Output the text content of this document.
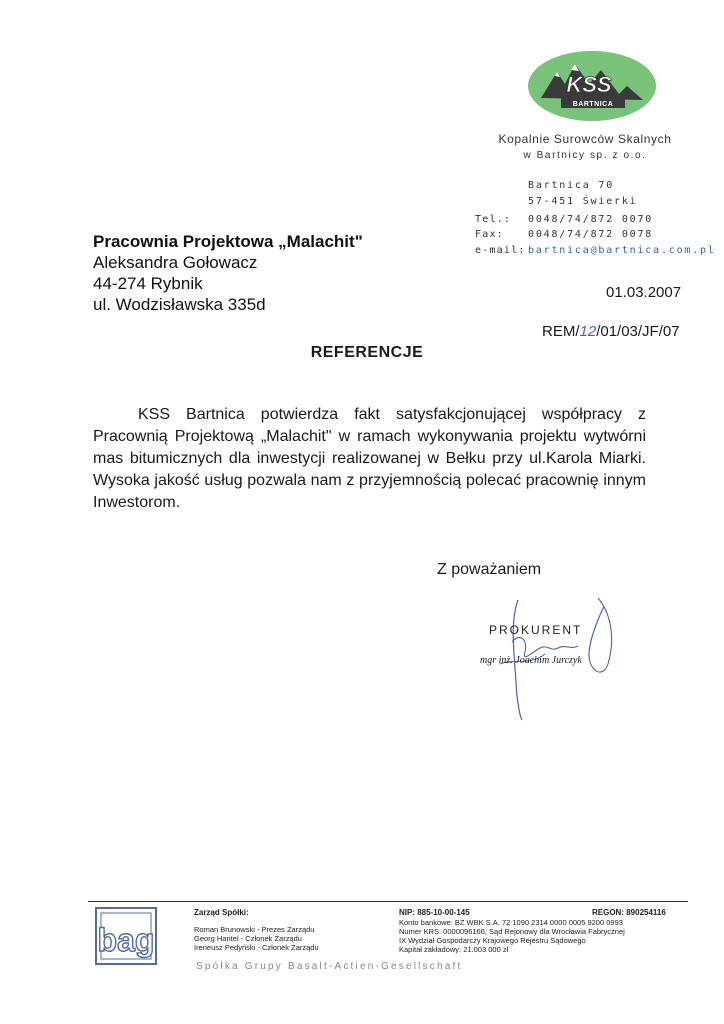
KSS
BARTNICA
Kopalnie Surowców Skalnych
w Bartnicy sp. z o.o.
Bartnica 70
57-451 Świerki
Tel.: 0048/74/872 0070
Fax: 0048/74/872 0078
e-mail: bartnica@bartnica.com.pl
Pracownia Projektowa „Malachit"
Aleksandra Gołowacz
44-274 Rybnik
ul. Wodzisławska 335d
01.03.2007
REM/12/01/03/JF/07
REFERENCJE

KSS Bartnica potwierdza fakt satysfakcjonującej współpracy z Pracownią Projektową „Malachit" w ramach wykonywania projektu wytwórni mas bitumicznych dla inwestycji realizowanej w Bełku przy ul.Karola Miarki. Wysoka jakość usług pozwala nam z przyjemnością polecać pracownię innym Inwestorom.

Z poważaniem
PROKURENT
mgr inż. Joachim Jurczyk
bag
Zarząd Spółki:
Roman Brunowski - Prezes Zarządu
Georg Hantel - Członek Zarządu
Ireneusz Pedyński - Członek Zarządu
NIP: 885-10-00-145	REGON: 890254116
Konto bankowe: BZ WBK S.A. 72 1090 2314 0000 0005 9200 0993
Numer KRS: 0000096166, Sąd Rejonowy dla Wrocławia Fabrycznej
IX Wydział Gospodarczy Krajowego Rejestru Sądowego
Kapitał zakładowy: 21.003 000 zł
Spółka Grupy Basalt-Actien-Gesellschaft
